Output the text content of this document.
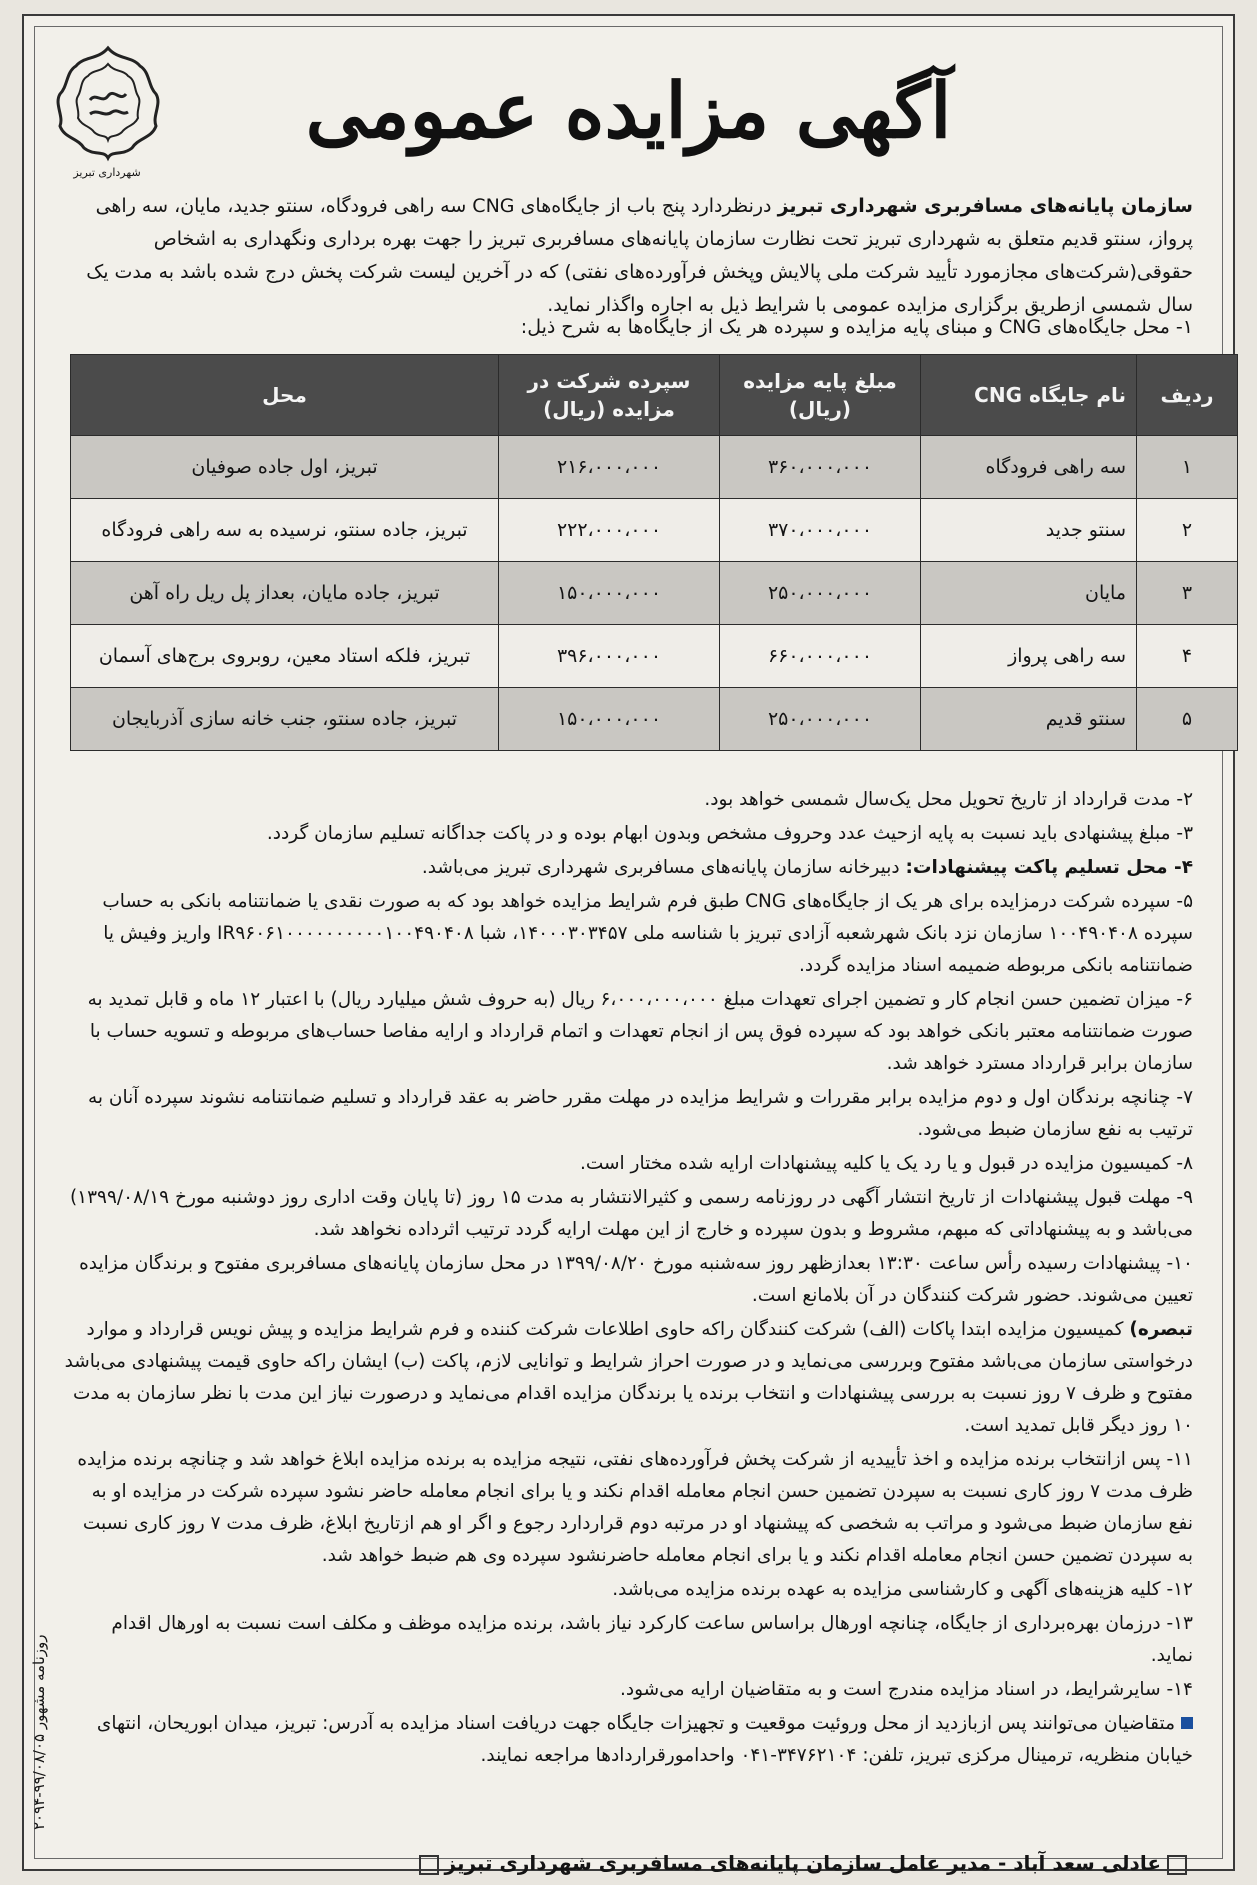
شهرداری تبریز
آگهی مزایده عمومی
سازمان پایانه‌های مسافربری شهرداری تبریز درنظردارد پنج باب از جایگاه‌های CNG سه راهی فرودگاه، سنتو جدید، مایان، سه راهی پرواز، سنتو قدیم متعلق به شهرداری تبریز تحت نظارت سازمان پایانه‌های مسافربری تبریز را جهت بهره برداری ونگهداری به اشخاص حقوقی(شرکت‌های مجازمورد تأیید شرکت ملی پالایش وپخش فرآورده‌های نفتی) که در آخرین لیست شرکت پخش درج شده باشد به مدت یک سال شمسی ازطریق برگزاری مزایده عمومی با شرایط ذیل به اجاره واگذار نماید.
۱- محل جایگاه‌های CNG و مبنای پایه مزایده و سپرده هر یک از جایگاه‌ها به شرح ذیل:
ردیف	نام جایگاه CNG	مبلغ پایه مزایده (ریال)	سپرده شرکت در مزایده (ریال)	محل
۱	سه راهی فرودگاه	۳۶۰،۰۰۰،۰۰۰	۲۱۶،۰۰۰،۰۰۰	تبریز، اول جاده صوفیان
۲	سنتو جدید	۳۷۰،۰۰۰،۰۰۰	۲۲۲،۰۰۰،۰۰۰	تبریز، جاده سنتو، نرسیده به سه راهی فرودگاه
۳	مایان	۲۵۰،۰۰۰،۰۰۰	۱۵۰،۰۰۰،۰۰۰	تبریز، جاده مایان، بعداز پل ریل راه آهن
۴	سه راهی پرواز	۶۶۰،۰۰۰،۰۰۰	۳۹۶،۰۰۰،۰۰۰	تبریز، فلکه استاد معین، روبروی برج‌های آسمان
۵	سنتو قدیم	۲۵۰،۰۰۰،۰۰۰	۱۵۰،۰۰۰،۰۰۰	تبریز، جاده سنتو، جنب خانه سازی آذربایجان

۲- مدت قرارداد از تاریخ تحویل محل یک‌سال شمسی خواهد بود.

۳- مبلغ پیشنهادی باید نسبت به پایه ازحیث عدد وحروف مشخص وبدون ابهام بوده و در پاکت جداگانه تسلیم سازمان گردد.

۴- محل تسلیم پاکت پیشنهادات: دبیرخانه سازمان پایانه‌های مسافربری شهرداری تبریز می‌باشد.

۵- سپرده شرکت درمزایده برای هر یک از جایگاه‌های CNG طبق فرم شرایط مزایده خواهد بود که به صورت نقدی یا ضمانتنامه بانکی به حساب سپرده ۱۰۰۴۹۰۴۰۸ سازمان نزد بانک شهرشعبه آزادی تبریز با شناسه ملی ۱۴۰۰۰۳۰۳۴۵۷، شبا IR۹۶۰۶۱۰۰۰۰۰۰۰۰۰۰۱۰۰۴۹۰۴۰۸ واریز وفیش یا ضمانتنامه بانکی مربوطه ضمیمه اسناد مزایده گردد.

۶- میزان تضمین حسن انجام کار و تضمین اجرای تعهدات مبلغ ۶،۰۰۰،۰۰۰،۰۰۰ ریال (به حروف شش میلیارد ریال) با اعتبار ۱۲ ماه و قابل تمدید به صورت ضمانتنامه معتبر بانکی خواهد بود که سپرده فوق پس از انجام تعهدات و اتمام قرارداد و ارایه مفاصا حساب‌های مربوطه و تسویه حساب با سازمان برابر قرارداد مسترد خواهد شد.

۷- چنانچه برندگان اول و دوم مزایده برابر مقررات و شرایط مزایده در مهلت مقرر حاضر به عقد قرارداد و تسلیم ضمانتنامه نشوند سپرده آنان به ترتیب به نفع سازمان ضبط می‌شود.

۸- کمیسیون مزایده در قبول و یا رد یک یا کلیه پیشنهادات ارایه شده مختار است.

۹- مهلت قبول پیشنهادات از تاریخ انتشار آگهی در روزنامه رسمی و کثیرالانتشار به مدت ۱۵ روز (تا پایان وقت اداری روز دوشنبه مورخ ۱۳۹۹/۰۸/۱۹) می‌باشد و به پیشنهاداتی که مبهم، مشروط و بدون سپرده و خارج از این مهلت ارایه گردد ترتیب اثرداده نخواهد شد.

۱۰- پیشنهادات رسیده رأس ساعت ۱۳:۳۰ بعدازظهر روز سه‌شنبه مورخ ۱۳۹۹/۰۸/۲۰ در محل سازمان پایانه‌های مسافربری مفتوح و برندگان مزایده تعیین می‌شوند. حضور شرکت کنندگان در آن بلامانع است.

تبصره) کمیسیون مزایده ابتدا پاکات (الف) شرکت کنندگان راکه حاوی اطلاعات شرکت کننده و فرم شرایط مزایده و پیش نویس قرارداد و موارد درخواستی سازمان می‌باشد مفتوح وبررسی می‌نماید و در صورت احراز شرایط و توانایی لازم، پاکت (ب) ایشان راکه حاوی قیمت پیشنهادی می‌باشد مفتوح و ظرف ۷ روز نسبت به بررسی پیشنهادات و انتخاب برنده یا برندگان مزایده اقدام می‌نماید و درصورت نیاز این مدت با نظر سازمان به مدت ۱۰ روز دیگر قابل تمدید است.

۱۱- پس ازانتخاب برنده مزایده و اخذ تأییدیه از شرکت پخش فرآورده‌های نفتی، نتیجه مزایده به برنده مزایده ابلاغ خواهد شد و چنانچه برنده مزایده ظرف مدت ۷ روز کاری نسبت به سپردن تضمین حسن انجام معامله اقدام نکند و یا برای انجام معامله حاضر نشود سپرده شرکت در مزایده او به نفع سازمان ضبط می‌شود و مراتب به شخصی که پیشنهاد او در مرتبه دوم قراردارد رجوع و اگر او هم ازتاریخ ابلاغ، ظرف مدت ۷ روز کاری نسبت به سپردن تضمین حسن انجام معامله اقدام نکند و یا برای انجام معامله حاضرنشود سپرده وی هم ضبط خواهد شد.

۱۲- کلیه هزینه‌های آگهی و کارشناسی مزایده به عهده برنده مزایده می‌باشد.

۱۳- درزمان بهره‌برداری از جایگاه، چنانچه اورهال براساس ساعت کارکرد نیاز باشد، برنده مزایده موظف و مکلف است نسبت به اورهال اقدام نماید.

۱۴- سایرشرایط، در اسناد مزایده مندرج است و به متقاضیان ارایه می‌شود.

متقاضیان می‌توانند پس ازبازدید از محل وروئیت موقعیت و تجهیزات جایگاه جهت دریافت اسناد مزایده به آدرس: تبریز، میدان ابوریحان، انتهای خیابان منظریه، ترمینال مرکزی تبریز، تلفن: ۳۴۷۶۲۱۰۴-۰۴۱ واحدامورقراردادها مراجعه نمایند.

عادلی سعد آباد - مدیر عامل سازمان پایانه‌های مسافربری شهرداری تبریز
روزنامه مشهور ۹۹/۰۸/۰۵-۲۰۹۴
